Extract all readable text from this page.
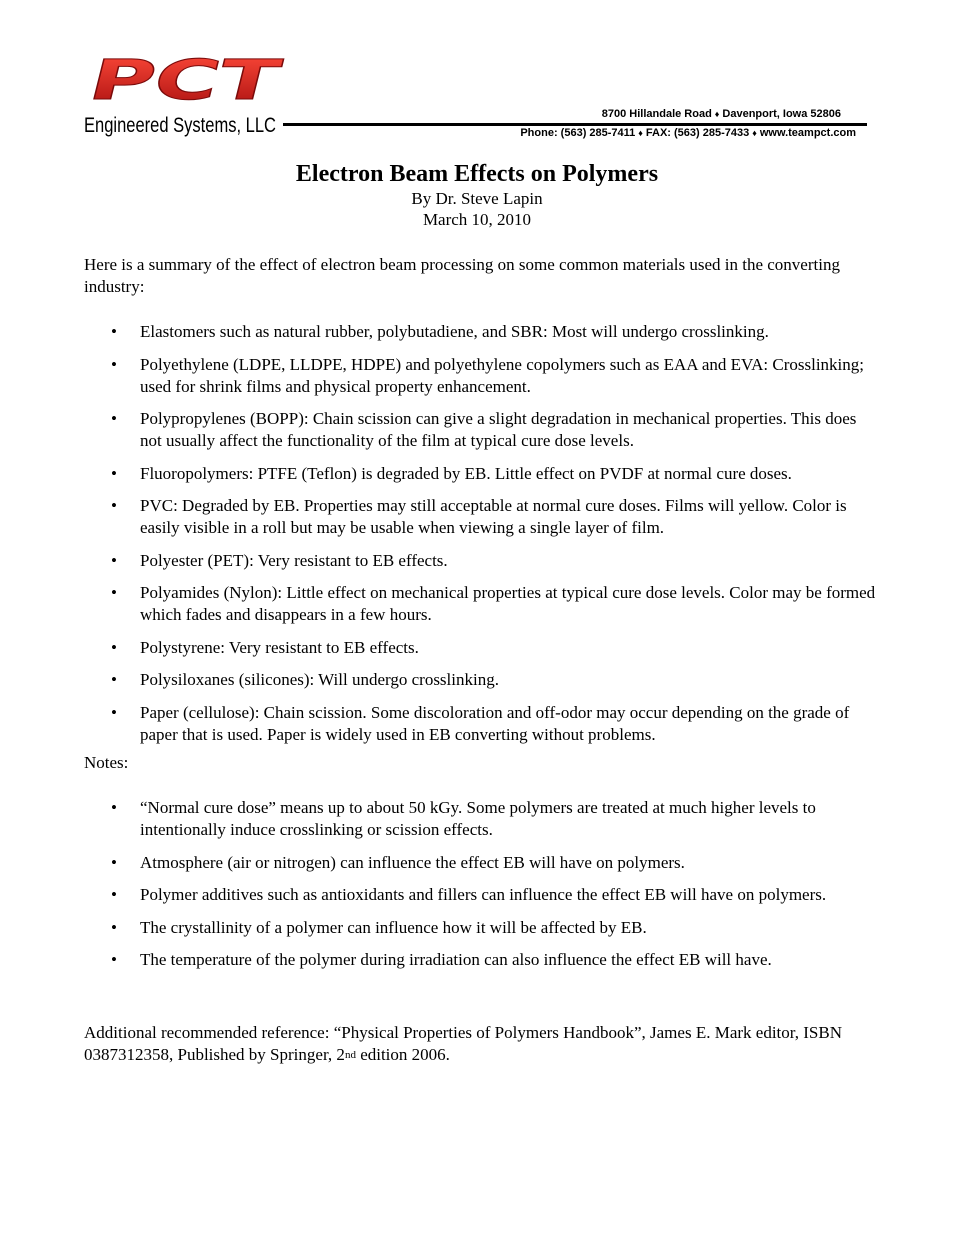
PCT
Engineered Systems, LLC	8700 Hillandale Road ♦ Davenport, Iowa 52806
Phone: (563) 285-7411 ♦ FAX: (563) 285-7433 ♦ www.teampct.com
Electron Beam Effects on Polymers
By Dr. Steve Lapin
March 10, 2010
Here is a summary of the effect of electron beam processing on some common materials used in the converting industry:
• Elastomers such as natural rubber, polybutadiene, and SBR: Most will undergo crosslinking.
• Polyethylene (LDPE, LLDPE, HDPE) and polyethylene copolymers such as EAA and EVA: Crosslinking; used for shrink films and physical property enhancement.
• Polypropylenes (BOPP): Chain scission can give a slight degradation in mechanical properties. This does not usually affect the functionality of the film at typical cure dose levels.
• Fluoropolymers: PTFE (Teflon) is degraded by EB. Little effect on PVDF at normal cure doses.
• PVC: Degraded by EB. Properties may still acceptable at normal cure doses. Films will yellow. Color is easily visible in a roll but may be usable when viewing a single layer of film.
• Polyester (PET): Very resistant to EB effects.
• Polyamides (Nylon): Little effect on mechanical properties at typical cure dose levels. Color may be formed which fades and disappears in a few hours.
• Polystyrene: Very resistant to EB effects.
• Polysiloxanes (silicones): Will undergo crosslinking.
• Paper (cellulose): Chain scission. Some discoloration and off-odor may occur depending on the grade of paper that is used. Paper is widely used in EB converting without problems.
Notes:
• “Normal cure dose” means up to about 50 kGy. Some polymers are treated at much higher levels to intentionally induce crosslinking or scission effects.
• Atmosphere (air or nitrogen) can influence the effect EB will have on polymers.
• Polymer additives such as antioxidants and fillers can influence the effect EB will have on polymers.
• The crystallinity of a polymer can influence how it will be affected by EB.
• The temperature of the polymer during irradiation can also influence the effect EB will have.
Additional recommended reference: “Physical Properties of Polymers Handbook”, James E. Mark editor, ISBN 0387312358, Published by Springer, 2nd edition 2006.
